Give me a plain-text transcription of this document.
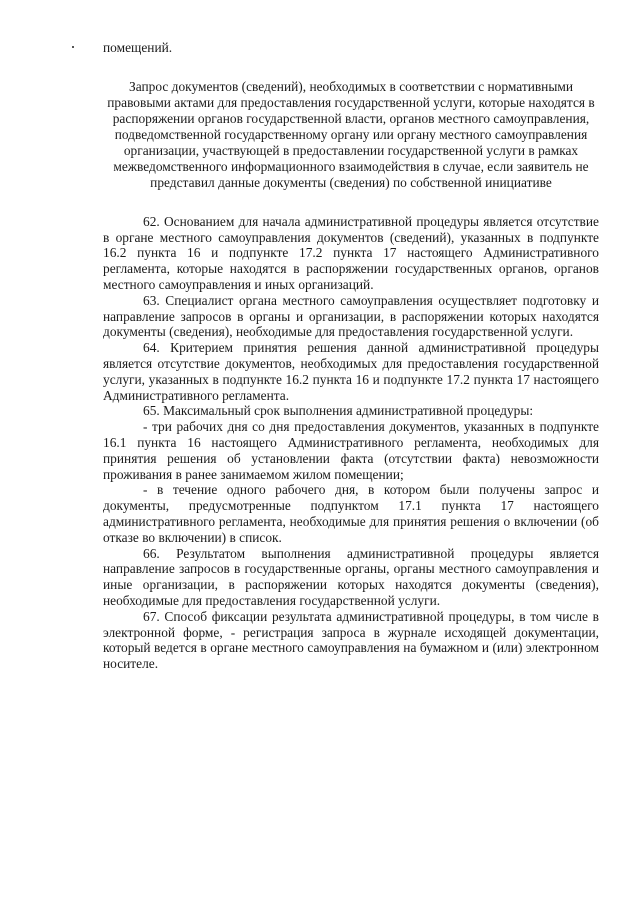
помещений.

Запрос документов (сведений), необходимых в соответствии с нормативными правовыми актами для предоставления государственной услуги, которые находятся в распоряжении органов государственной власти, органов местного самоуправления, подведомственной государственному органу или органу местного самоуправления организации, участвующей в предоставлении государственной услуги в рамках межведомственного информационного взаимодействия в случае, если заявитель не представил данные документы (сведения) по собственной инициативе

62. Основанием для начала административной процедуры является отсутствие в органе местного самоуправления документов (сведений), указанных в подпункте 16.2 пункта 16 и подпункте 17.2 пункта 17 настоящего Административного регламента, которые находятся в распоряжении государственных органов, органов местного самоуправления и иных организаций.

63. Специалист органа местного самоуправления осуществляет подготовку и направление запросов в органы и организации, в распоряжении которых находятся документы (сведения), необходимые для предоставления государственной услуги.

64. Критерием принятия решения данной административной процедуры является отсутствие документов, необходимых для предоставления государственной услуги, указанных в подпункте 16.2 пункта 16 и подпункте 17.2 пункта 17 настоящего Административного регламента.

65. Максимальный срок выполнения административной процедуры:

- три рабочих дня со дня предоставления документов, указанных в подпункте 16.1 пункта 16 настоящего Административного регламента, необходимых для принятия решения об установлении факта (отсутствии факта) невозможности проживания в ранее занимаемом жилом помещении;

- в течение одного рабочего дня, в котором были получены запрос и документы, предусмотренные подпунктом 17.1 пункта 17 настоящего административного регламента, необходимые для принятия решения о включении (об отказе во включении) в список.

66. Результатом выполнения административной процедуры является направление запросов в государственные органы, органы местного самоуправления и иные организации, в распоряжении которых находятся документы (сведения), необходимые для предоставления государственной услуги.

67. Способ фиксации результата административной процедуры, в том числе в электронной форме, - регистрация запроса в журнале исходящей документации, который ведется в органе местного самоуправления на бумажном и (или) электронном носителе.
